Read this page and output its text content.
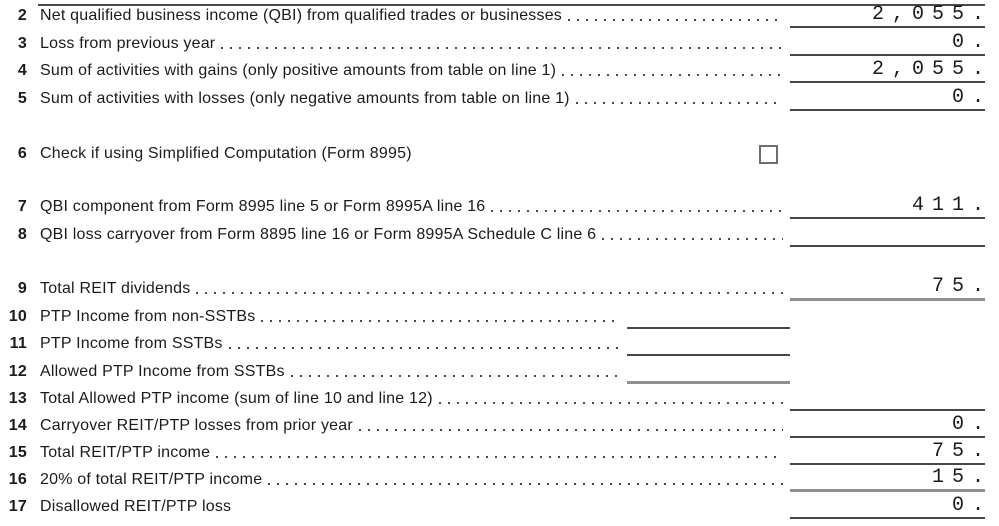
2 Net qualified business income (QBI) from qualified trades or businesses	2,055.
3 Loss from previous year	0.
4 Sum of activities with gains (only positive amounts from table on line 1)	2,055.
5 Sum of activities with losses (only negative amounts from table on line 1)	0.
6 Check if using Simplified Computation (Form 8995)
7 QBI component from Form 8995 line 5 or Form 8995A line 16	411.
8 QBI loss carryover from Form 8895 line 16 or Form 8995A Schedule C line 6
9 Total REIT dividends	75.
10 PTP Income from non-SSTBs
11 PTP Income from SSTBs
12 Allowed PTP Income from SSTBs
13 Total Allowed PTP income (sum of line 10 and line 12)
14 Carryover REIT/PTP losses from prior year	0.
15 Total REIT/PTP income	75.
16 20% of total REIT/PTP income	15.
17 Disallowed REIT/PTP loss	0.
